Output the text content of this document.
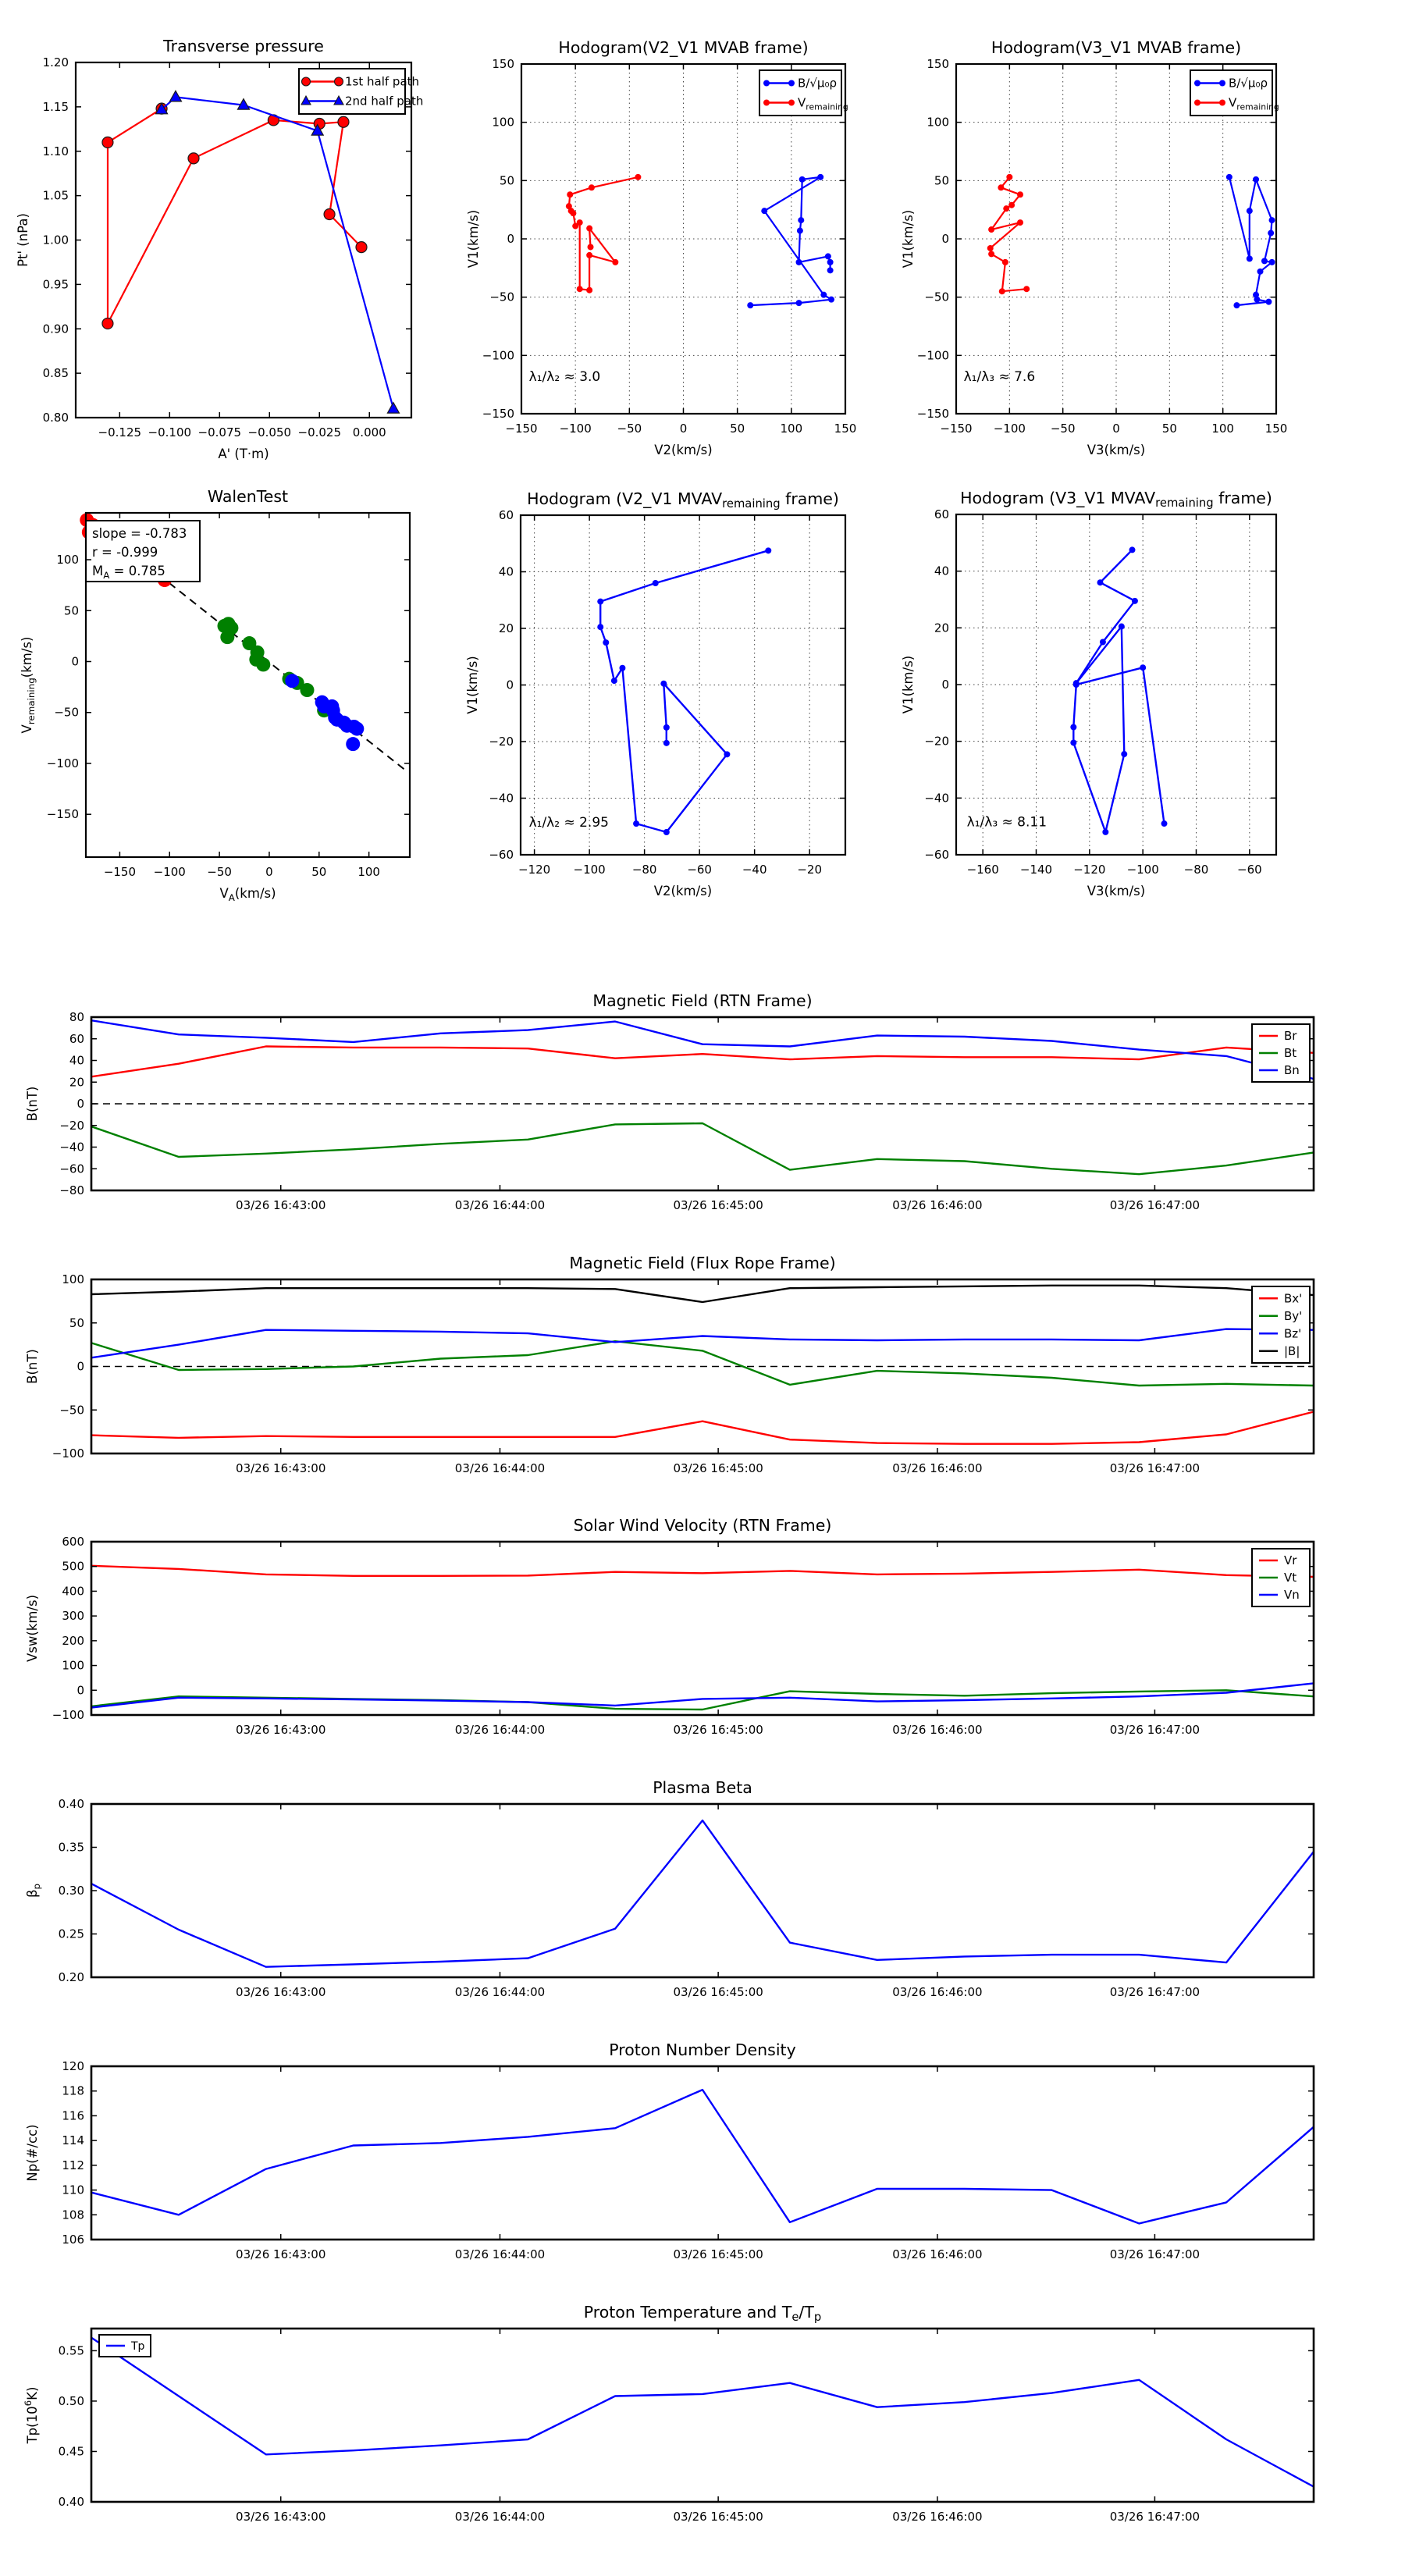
−0.125 −0.100 −0.075 −0.050 −0.025 0.000
0.80
0.85
0.90
0.95
1.00
1.05
1.10
1.15
1.20
A' (T·m)
Pt' (nPa)
Transverse pressure
1st half path
2nd half path
λ₁/λ₂ ≈ 3.0
−150 −100 −50	0	50	100	150
−150
−100
−50
0
50
100
150
V2(km/s)
V1(km/s)
Hodogram(V2_V1 MVAB frame)
B/√μ₀ρ
$V_{remaining}$
λ₁/λ₃ ≈ 7.6
−150 −100 −50	0	50	100	150
−150
−100
−50
0
50
100
150
V3(km/s)
V1(km/s)
Hodogram(V3_V1 MVAB frame)
B/√μ₀ρ
$V_{remaining}$
slope = -0.783
r = -0.999
$M_A = 0.785$
−150 −100 −50	0	50	100
−150
−100
−50
0
50
100
$V_A(km/s)$
$V_{remaining}(km/s)$
WalenTest
λ₁/λ₂ ≈ 2.95
−120 −100 −80	−60	−40	−20
−60
−40
−20
0
20
40
60
V2(km/s)
V1(km/s)
Hodogram (V2_V1 MVAVremaining frame)
λ₁/λ₃ ≈ 8.11
−160 −140 −120 −100 −80 −60
−60
−40
−20
0
20
40
60
V3(km/s)
V1(km/s)
Hodogram (V3_V1 MVAVremaining frame)
03/26 16:43:00	03/26 16:44:00	03/26 16:45:00	03/26 16:46:00	03/26 16:47:00
−80
−60
−40
−20
0
20
40
60
80
B(nT)
Magnetic Field (RTN Frame)
Br
Bt
Bn
03/26 16:43:00	03/26 16:44:00	03/26 16:45:00	03/26 16:46:00	03/26 16:47:00
−100
−50
0
50
100
B(nT)
Magnetic Field (Flux Rope Frame)
Bx'
By'
Bz'
|B|
03/26 16:43:00	03/26 16:44:00	03/26 16:45:00	03/26 16:46:00	03/26 16:47:00
−100
0
100
200
300
400
500
600
Vsw(km/s)
Solar Wind Velocity (RTN Frame)
Vr
Vt
Vn
03/26 16:43:00	03/26 16:44:00	03/26 16:45:00	03/26 16:46:00	03/26 16:47:00
0.20
0.25
0.30
0.35
0.40
$\beta_p$
Plasma Beta
03/26 16:43:00	03/26 16:44:00	03/26 16:45:00	03/26 16:46:00	03/26 16:47:00
106
108
110
112
114
116
118
120
Np(#/cc)
Proton Number Density
03/26 16:43:00	03/26 16:44:00	03/26 16:45:00	03/26 16:46:00	03/26 16:47:00
0.40
0.45
0.50
0.55
$Tp(10^6K)$
Proton Temperature and Te/Tp
Tp
